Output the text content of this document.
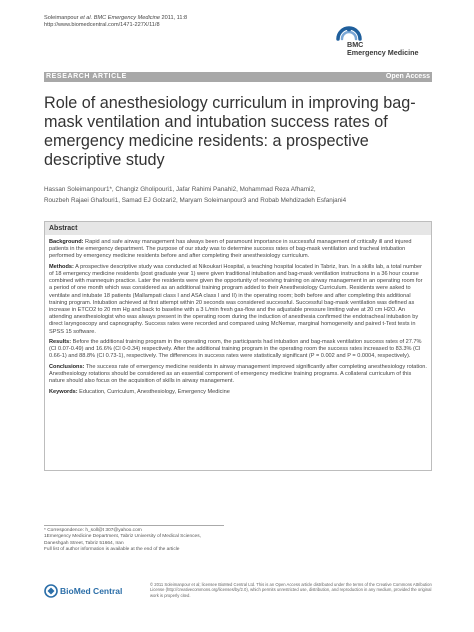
Soleimanpour et al. BMC Emergency Medicine 2011, 11:8
http://www.biomedcentral.com/1471-227X/11/8
BMC
Emergency Medicine
RESEARCH ARTICLE	Open Access
Role of anesthesiology curriculum in improving bag-mask ventilation and intubation success rates of emergency medicine residents: a prospective descriptive study
Hassan Soleimanpour1*, Changiz Gholipouri1, Jafar Rahimi Panahi2, Mohammad Reza Afhami2,
Rouzbeh Rajaei Ghafouri1, Samad EJ Golzari2, Maryam Soleimanpour3 and Robab Mehdizadeh Esfanjani4
Abstract

Background: Rapid and safe airway management has always been of paramount importance in successful management of critically ill and injured patients in the emergency department. The purpose of our study was to determine success rates of bag-mask ventilation and tracheal intubation performed by emergency medicine residents before and after completing their anesthesiology curriculum.

Methods: A prospective descriptive study was conducted at Nikoukari Hospital, a teaching hospital located in Tabriz, Iran. In a skills lab, a total number of 18 emergency medicine residents (post graduate year 1) were given traditional intubation and bag-mask ventilation instructions in a 36 hour course combined with mannequin practice. Later the residents were given the opportunity of receiving training on airway management in an operating room for a period of one month which was considered as an additional training program added to their Anesthesiology Curriculum. Residents were asked to ventilate and intubate 18 patients (Mallampati class I and ASA class I and II) in the operating room; both before and after completing this additional training program. Intubation achieved at first attempt within 20 seconds was considered successful. Successful bag-mask ventilation was defined as increase in ETCO2 to 20 mm Hg and back to baseline with a 3 L/min fresh gas-flow and the adjustable pressure limiting valve at 20 cm H2O. An attending anesthesiologist who was always present in the operating room during the induction of anesthesia confirmed the endotracheal intubation by direct laryngoscopy and capnography. Success rates were recorded and compared using McNemar, marginal homogeneity and paired t-Test tests in SPSS 15 software.

Results: Before the additional training program in the operating room, the participants had intubation and bag-mask ventilation success rates of 27.7% (CI 0.07-0.49) and 16.6% (CI 0-0.34) respectively. After the additional training program in the operating room the success rates increased to 83.3% (CI 0.66-1) and 88.8% (CI 0.73-1), respectively. The differences in success rates were statistically significant (P = 0.002 and P = 0.0004, respectively).

Conclusions: The success rate of emergency medicine residents in airway management improved significantly after completing anesthesiology rotation. Anesthesiology rotations should be considered as an essential component of emergency medicine training programs. A collateral curriculum of this nature should also focus on the acquisition of skills in airway management.

Keywords: Education, Curriculum, Anesthesiology, Emergency Medicine

* Correspondence: h_soll@t 307@yahoo.com
1Emergency Medicine Department, Tabriz University of Medical Sciences,
Daneshgah Street, Tabriz 51664, Iran
Full list of author information is available at the end of the article
BioMed Central
© 2011 Soleimanpour et al; licensee BioMed Central Ltd. This is an Open Access article distributed under the terms of the Creative Commons Attribution License (http://creativecommons.org/licenses/by/2.0), which permits unrestricted use, distribution, and reproduction in any medium, provided the original work is properly cited.
